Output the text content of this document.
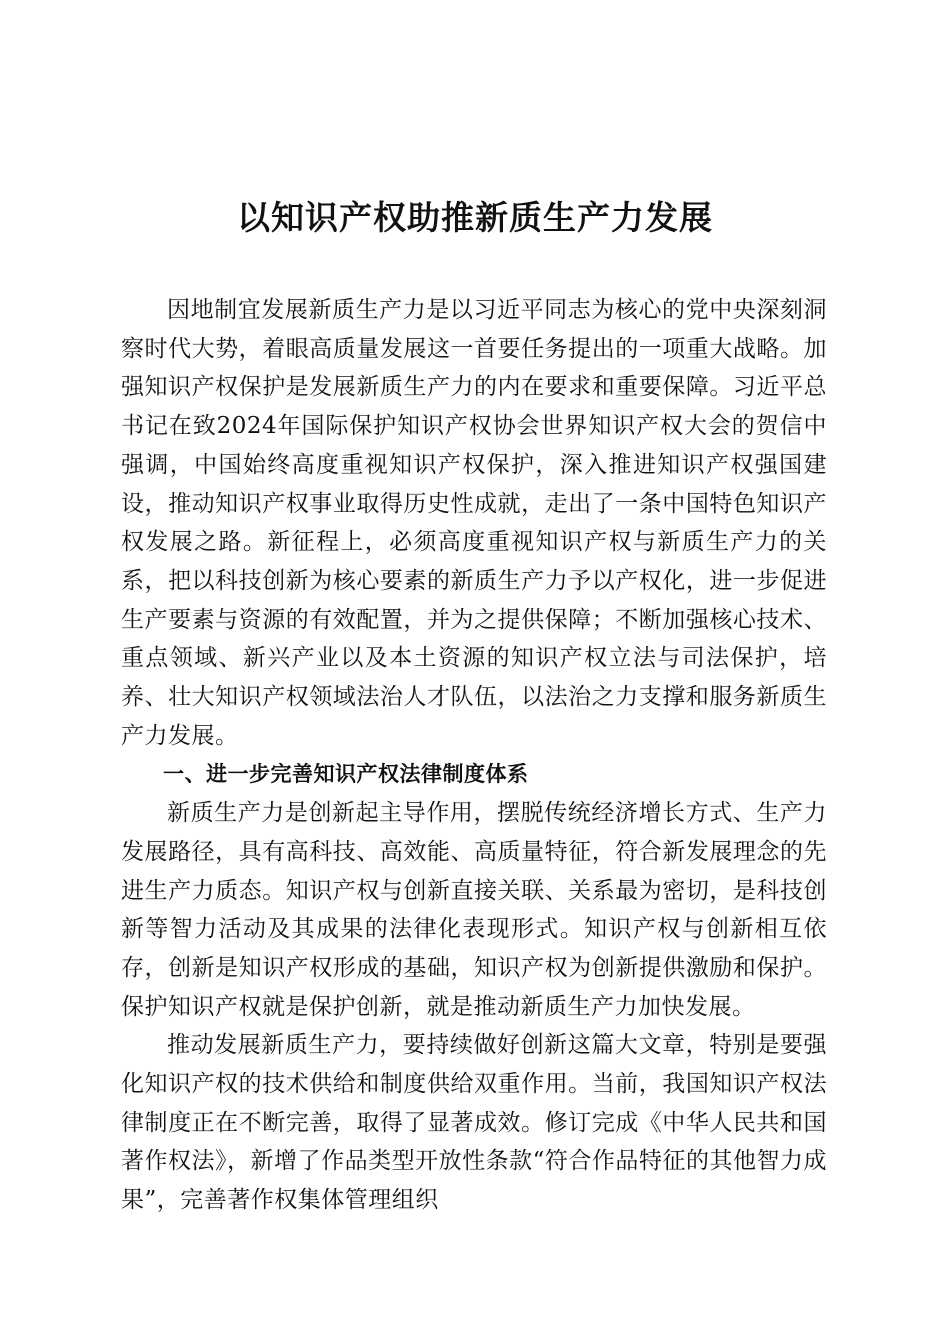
以知识产权助推新质生产力发展

因地制宜发展新质生产力是以习近平同志为核心的党中央深刻洞察时代大势，着眼高质量发展这一首要任务提出的一项重大战略。加强知识产权保护是发展新质生产力的内在要求和重要保障。习近平总书记在致2024年国际保护知识产权协会世界知识产权大会的贺信中强调，中国始终高度重视知识产权保护，深入推进知识产权强国建设，推动知识产权事业取得历史性成就，走出了一条中国特色知识产权发展之路。新征程上，必须高度重视知识产权与新质生产力的关系，把以科技创新为核心要素的新质生产力予以产权化，进一步促进生产要素与资源的有效配置，并为之提供保障；不断加强核心技术、重点领域、新兴产业以及本土资源的知识产权立法与司法保护，培养、壮大知识产权领域法治人才队伍，以法治之力支撑和服务新质生产力发展。

一、进一步完善知识产权法律制度体系

新质生产力是创新起主导作用，摆脱传统经济增长方式、生产力发展路径，具有高科技、高效能、高质量特征，符合新发展理念的先进生产力质态。知识产权与创新直接关联、关系最为密切，是科技创新等智力活动及其成果的法律化表现形式。知识产权与创新相互依存，创新是知识产权形成的基础，知识产权为创新提供激励和保护。保护知识产权就是保护创新，就是推动新质生产力加快发展。

推动发展新质生产力，要持续做好创新这篇大文章，特别是要强化知识产权的技术供给和制度供给双重作用。当前，我国知识产权法律制度正在不断完善，取得了显著成效。修订完成《中华人民共和国著作权法》，新增了作品类型开放性条款“符合作品特征的其他智力成果”，完善著作权集体管理组织
